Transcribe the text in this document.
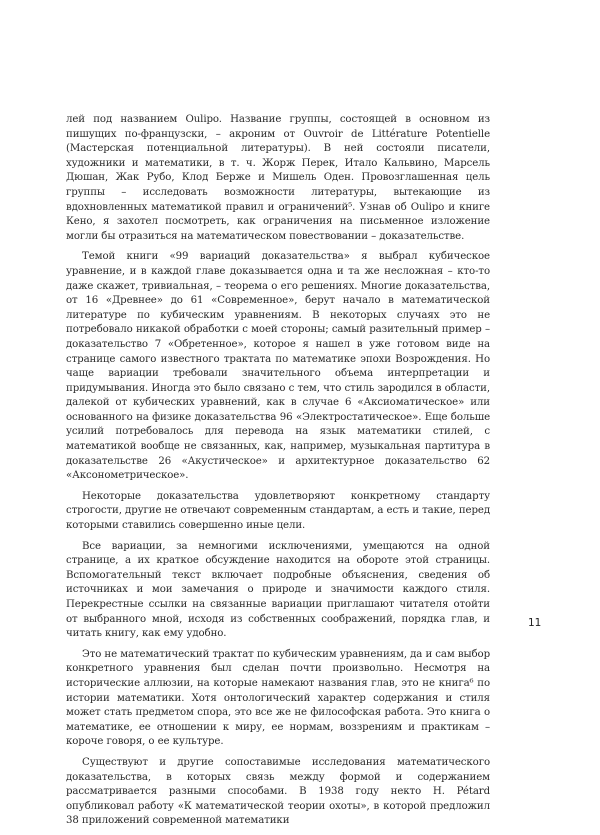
лей под названием Oulipo. Название группы, состоящей в основном из пишущих по-французски, – акроним от Ouvroir de Littérature Potentielle (Мастерская потенциальной литературы). В ней состояли писатели, художники и математики, в т. ч. Жорж Перек, Итало Кальвино, Марсель Дюшан, Жак Рубо, Клод Берже и Мишель Оден. Провозглашенная цель группы – исследовать возможности литературы, вытекающие из вдохновленных математикой правил и ограничений⁵. Узнав об Oulipo и книге Кено, я захотел посмотреть, как ограничения на письменное изложение могли бы отразиться на математическом повествовании – доказательстве.

Темой книги «99 вариаций доказательства» я выбрал кубическое уравнение, и в каждой главе доказывается одна и та же несложная – кто-то даже скажет, тривиальная, – теорема о его решениях. Многие доказательства, от 16 «Древнее» до 61 «Современное», берут начало в математической литературе по кубическим уравнениям. В некоторых случаях это не потребовало никакой обработки с моей стороны; самый разительный пример – доказательство 7 «Обретенное», которое я нашел в уже готовом виде на странице самого известного трактата по математике эпохи Возрождения. Но чаще вариации требовали значительного объема интерпретации и придумывания. Иногда это было связано с тем, что стиль зародился в области, далекой от кубических уравнений, как в случае 6 «Аксиоматическое» или основанного на физике доказательства 96 «Электростатическое». Еще больше усилий потребовалось для перевода на язык математики стилей, с математикой вообще не связанных, как, например, музыкальная партитура в доказательстве 26 «Акустическое» и архитектурное доказательство 62 «Аксонометрическое».

Некоторые доказательства удовлетворяют конкретному стандарту строгости, другие не отвечают современным стандартам, а есть и такие, перед которыми ставились совершенно иные цели.

Все вариации, за немногими исключениями, умещаются на одной странице, а их краткое обсуждение находится на обороте этой страницы. Вспомогательный текст включает подробные объяснения, сведения об источниках и мои замечания о природе и значимости каждого стиля. Перекрестные ссылки на связанные вариации приглашают читателя отойти от выбранного мной, исходя из собственных соображений, порядка глав, и читать книгу, как ему удобно.

Это не математический трактат по кубическим уравнениям, да и сам выбор конкретного уравнения был сделан почти произвольно. Несмотря на исторические аллюзии, на которые намекают названия глав, это не книга⁶ по истории математики. Хотя онтологический характер содержания и стиля может стать предметом спора, это все же не философская работа. Это книга о математике, ее отношении к миру, ее нормам, воззрениям и практикам – короче говоря, о ее культуре.

Существуют и другие сопоставимые исследования математического доказательства, в которых связь между формой и содержанием рассматривается разными способами. В 1938 году некто H. Pétard опубликовал работу «К математической теории охоты», в которой предложил 38 приложений современной математики

11
